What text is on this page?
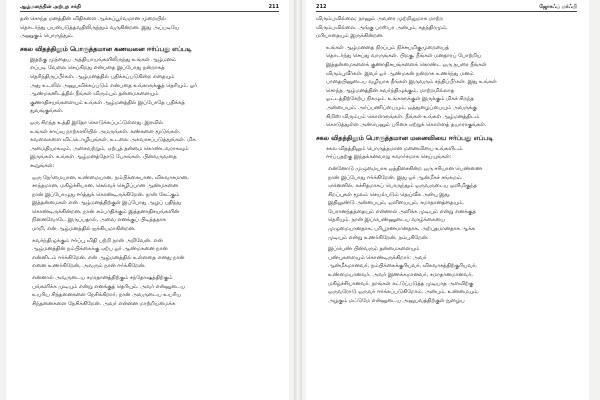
ஆழ்மனத்தின் அற்புத சக்தி	211

தன் சொந்த மனத்தின் விதிகளை ஆக்கப்பூர்வமான முறையில்
தொடர்ந்து பயன்படுத்தவதிலிருந்தும் வருகின்றன. இது அப்படியே
அணுகும் பொருந்தும்.

சகல விதத்திலும் பொருத்தமான கணவனை ஈர்ப்பது எப்படி

இதற்கு முந்தைய அத்தியாயங்களிலிருந்து உங்கள் ஆழ்மனம்
எப்படி வேலை செய்கிறது என்பதை இப்போது நன்றாகத்
தெரிந்திருப்பீர்கள். ஆழ்மனத்தில் பதிக்கப்படுகின்ற எதையும்
அது உடலில் அனுபவிக்கப்படும் என்பதை உங்களுக்குத் தெரியும். ஓர்
ஆண்மகனிடத்தில் நீங்கள் விரும்பும் தன்மைகளையும்
குணாதிசயங்களையும் உங்கள் ஆழ்மனத்தில் இப்போதே பதிக்கத்
துவங்குங்கள்.

ஒரு சிறந்த உத்தி இதோ கொடுக்கப்பட்டுள்ளது. இரவில்
உங்கள் சாய்வு நாற்காலியில் அமருங்கள். கண்களை மூடுங்கள்.
கவலைகளை விட்டொழியுங்கள். உடலை அசுவாசப்படுத்துங்கள். மிக
அமைதியாகவும், அசைவற்றும், ஏற்புத் தன்மை கொண்டவராகவும்
இருங்கள். உங்கள் ஆழ்மனத்தோடு பேசுங்கள். பின்வருவதை
கூறுங்கள்:

ஒரு நேர்மையான, உண்மையான, நம்பிக்கையான, விசுவாசமான,
சாந்தமான, மகிழ்ச்சியான, செல்வச் செழிப்பான ஆண்மகனை
நான் இப்போழுது ஈர்த்துக் கொண்டிருக்கிறேன். நான் கேட்கும்
இத்தன்மைகள் என் ஆழ்மனத்திற்குள் இப்போது ஆழப் பதிந்து
கொண்டிருக்கின்றன. நான் சம்பாதிக்கும் இத்தனாதிசயங்களின்
நினைவோடே இருப்பதால், அவை எனக்குப் பிடித்ததாக
மாறி, என் ஆழ்மனத்தில் ஐக்கியமாகின்றன.

சுவர்ந்திழுக்கும் ஈர்ப்பு விதி பற்றி நான் அறிவேன். என்
ஆழ்மனத்தின் நம்பிக்கைக்கு ஏற்ப ஓர் ஆண்மகனை நான்
என்னிடம் ஈர்க்கிறேன். என் ஆழ்மனத்தில் உள்ளதை எனது நான்
எனை உணர்கிறேன், அவரும் நான் ஈர்க்கிறேன்.

என்னால் அவருடைய சமரதானத்திற்கும் சந்தோஷத்திற்கும்
பங்களிக்க முடியும் என்று எனக்குத் தெரியும். அவர் என்னுடைய
உயரிய சிந்தனைகளை நேசிக்கிறார், நான் அவருடைய உயரிய
சிந்தனைகளை நேசிக்கிறேன். அவர் என்னை மாற்றியமைக்க

212	ஜோசஃப் மர்ஃபி

விரும்பவில்லை; நானும் அவரை முற்றிலுமாக மாற்ற
விரும்பவில்லை. அங்கு பரஸ்பர அன்பும், சுதந்திரமும்,
மரியாதையும் இருக்கின்றன.

உங்கள் ஆழ்மனதை நிரப்பும் நிச்சயமிகுமுறையைத்
தொடர்ந்து செய்து வாருங்கள். பிறகு, நீங்கள் மனதாரப் போற்றிய
இத்தன்மைகளைக் குணாதிசயங்களைக் கொண்ட ஒரு நபரை நீங்கள்
விரும்புவீர்கள். இவர் ஓர் ஆண்மகன் நன்றாக உணர்ந்து மனம்
பாதையினுடைய வழியாக நீங்கள் இருவரும் சந்திப்பீர்கள். இது உங்கள்
சொந்த ஆழ்மனத்தின் சுவர்ந்திழுக்கும், மாற்றமில்லாத
ஓட்டத்திற்கேற்ப நிகழும். உங்களுக்குள் இருக்கும் மிகச் சிறந்த
அன்பையும், அர்ப்பணிப்பையும், ஒத்துழைப்பையும் அவருக்கு
கிறிஸ் விரும்பம் கொள்ளுங்கள். நீங்கள் உங்கள் ஆழ்மனத்திடம்
கொடுத்துள்ள அன்பெனும் பரிசை ஏற்றுக் கொள்ளத் தயாராகுங்கள்.

சகல விதத்திலும் பொருத்தமான மனைவியை ஈர்ப்பது எப்படி

சகல விதத்திலும் பொருத்தமான மனைவியை உங்களிடம்
ஈர்ப்பதற்கு இந்தக்கனவாறு சுவார்சமாக செய்யுங்கள்:

என்னோடு முழுமையாக ஒத்திசைகின்ற ஒரு சரியான பெண்ணை
நான் இப்போது ஈர்க்கிறேன். இது ஓர் ஆன்மீகச் சங்கமம்.
ஏனெனில், கச்சிதமாகப் பொருந்தும் ஒருவருடைய ஒளிமிகுந்த
சிறப்புகள் மூலம் செயல்படும் தெய்வீக அன்பு இது.
இதிலுண்டு அன்பையும், ஒளியையும், சமாதானத்தையும்,
பேரானந்தத்தையும் என்னால் அளிக்க முடியும் என்று எனக்குத்
தெரியும். நான் இப்பெண்ணுடைய வாழ்க்கையை
முழுமையானதாக, பரிபூரணமானதாக, அற்புதமானதாக ஆக்க
முடியும் என்று உணர்கிறேன், நம்புகிறேன்.

இப்பெண் பின்வரும் தன்மைகளையும்
பண்புகளையும் கொண்டிருக்கிறார்: அவர்
ஆன்மீகமானவர், நம்பிக்கைக்குரியவர், விசுவாசத்திற்குரியவர்,
உண்மையானவர். அவர் இணக்கமானவர், சமாதானமானவர்,
மகிழ்ச்சியானவர். நாங்கள் கட்டுப்படுத்த முடியாத அளவிற்கு
ஒருவரோடு ஒருவர் ஈர்க்கப்படுகிறோம். அன்பும், உண்மையும்,
அழகும் மட்டுமே என்னுடைய அனுபவத்திற்குள் நுழைய
